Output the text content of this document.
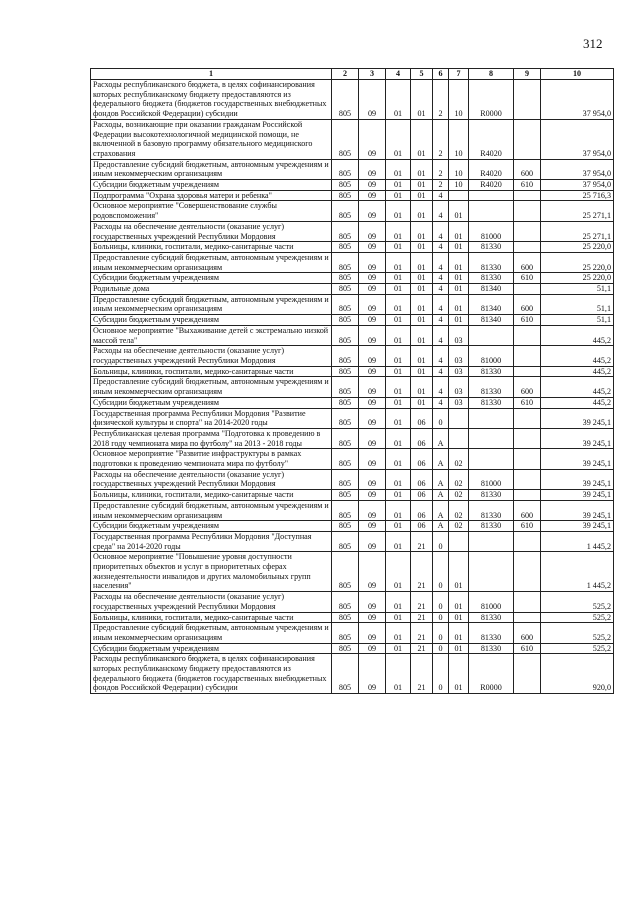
312
1	2	3	4	5	6	7	8	9	10
Расходы республиканского бюджета, в целях софинансирования которых республиканскому бюджету предоставляются из федерального бюджета (бюджетов государственных внебюджетных фондов Российской Федерации) субсидии	805	09	01	01	2	10	R0000		37 954,0
Расходы, возникающие при оказании гражданам Российской Федерации высокотехнологичной медицинской помощи, не включенной в базовую программу обязательного медицинского страхования	805	09	01	01	2	10	R4020		37 954,0
Предоставление субсидий бюджетным, автономным учреждениям и иным некоммерческим организациям	805	09	01	01	2	10	R4020	600	37 954,0
Субсидии бюджетным учреждениям	805	09	01	01	2	10	R4020	610	37 954,0
Подпрограмма "Охрана здоровья матери и ребенка"	805	09	01	01	4				25 716,3
Основное мероприятие "Совершенствование службы родовспоможения"	805	09	01	01	4	01			25 271,1
Расходы на обеспечение деятельности (оказание услуг) государственных учреждений Республики Мордовия	805	09	01	01	4	01	81000		25 271,1
Больницы, клиники, госпитали, медико-санитарные части	805	09	01	01	4	01	81330		25 220,0
Предоставление субсидий бюджетным, автономным учреждениям и иным некоммерческим организациям	805	09	01	01	4	01	81330	600	25 220,0
Субсидии бюджетным учреждениям	805	09	01	01	4	01	81330	610	25 220,0
Родильные дома	805	09	01	01	4	01	81340		51,1
Предоставление субсидий бюджетным, автономным учреждениям и иным некоммерческим организациям	805	09	01	01	4	01	81340	600	51,1
Субсидии бюджетным учреждениям	805	09	01	01	4	01	81340	610	51,1
Основное мероприятие "Выхаживание детей с экстремально низкой массой тела"	805	09	01	01	4	03			445,2
Расходы на обеспечение деятельности (оказание услуг) государственных учреждений Республики Мордовия	805	09	01	01	4	03	81000		445,2
Больницы, клиники, госпитали, медико-санитарные части	805	09	01	01	4	03	81330		445,2
Предоставление субсидий бюджетным, автономным учреждениям и иным некоммерческим организациям	805	09	01	01	4	03	81330	600	445,2
Субсидии бюджетным учреждениям	805	09	01	01	4	03	81330	610	445,2
Государственная программа Республики Мордовия "Развитие физической культуры и спорта" на 2014-2020 годы	805	09	01	06	0				39 245,1
Республиканская целевая программа "Подготовка к проведению в 2018 году чемпионата мира по футболу" на 2013 - 2018 годы	805	09	01	06	А				39 245,1
Основное мероприятие "Развитие инфраструктуры в рамках подготовки к проведению чемпионата мира по футболу"	805	09	01	06	А	02			39 245,1
Расходы на обеспечение деятельности (оказание услуг) государственных учреждений Республики Мордовия	805	09	01	06	А	02	81000		39 245,1
Больницы, клиники, госпитали, медико-санитарные части	805	09	01	06	А	02	81330		39 245,1
Предоставление субсидий бюджетным, автономным учреждениям и иным некоммерческим организациям	805	09	01	06	А	02	81330	600	39 245,1
Субсидии бюджетным учреждениям	805	09	01	06	А	02	81330	610	39 245,1
Государственная программа Республики Мордовия "Доступная среда" на 2014-2020 годы	805	09	01	21	0				1 445,2
Основное мероприятие "Повышение уровня доступности приоритетных объектов и услуг в приоритетных сферах жизнедеятельности инвалидов и других маломобильных групп населения"	805	09	01	21	0	01			1 445,2
Расходы на обеспечение деятельности (оказание услуг) государственных учреждений Республики Мордовия	805	09	01	21	0	01	81000		525,2
Больницы, клиники, госпитали, медико-санитарные части	805	09	01	21	0	01	81330		525,2
Предоставление субсидий бюджетным, автономным учреждениям и иным некоммерческим организациям	805	09	01	21	0	01	81330	600	525,2
Субсидии бюджетным учреждениям	805	09	01	21	0	01	81330	610	525,2
Расходы республиканского бюджета, в целях софинансирования которых республиканскому бюджету предоставляются из федерального бюджета (бюджетов государственных внебюджетных фондов Российской Федерации) субсидии	805	09	01	21	0	01	R0000		920,0
